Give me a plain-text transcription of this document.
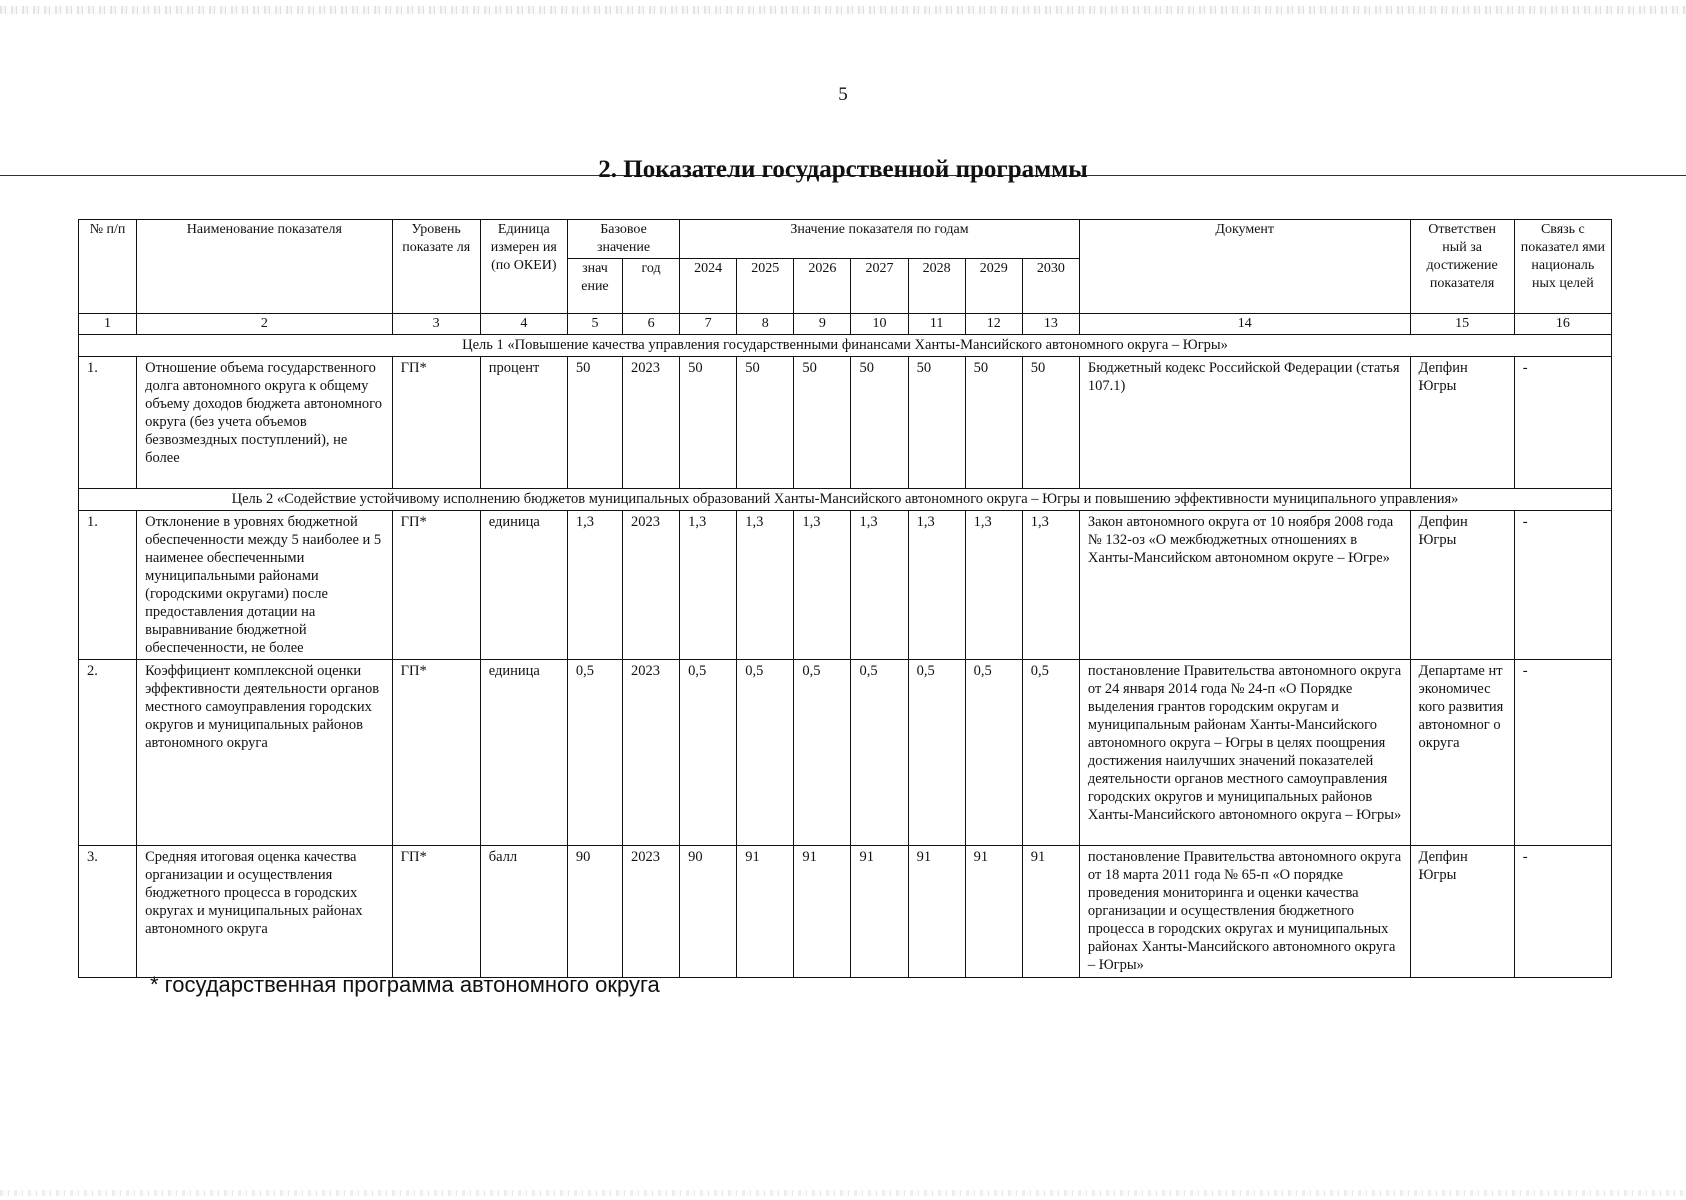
5
2. Показатели государственной программы
№ п/п	Наименование показателя	Уровень показате ля	Единица измерен ия (по ОКЕИ)	Базовое значение		Значение показателя по годам							Документ	Ответствен ный за достижение показателя	Связь с показател ями националь ных целей
				знач ение	год	2024	2025	2026	2027	2028	2029	2030			
1	2	3	4	5	6	7	8	9	10	11	12	13	14	15	16
Цель 1 «Повышение качества управления государственными финансами Ханты-Мансийского автономного округа – Югры»															
1.	Отношение объема государственного долга автономного округа к общему объему доходов бюджета автономного округа (без учета объемов безвозмездных поступлений), не более	ГП*	процент	50	2023	50	50	50	50	50	50	50	Бюджетный кодекс Российской Федерации (статья 107.1)	Депфин Югры	-
Цель 2 «Содействие устойчивому исполнению бюджетов муниципальных образований Ханты-Мансийского автономного округа – Югры и повышению эффективности муниципального управления»															
1.	Отклонение в уровнях бюджетной обеспеченности между 5 наиболее и 5 наименее обеспеченными муниципальными районами (городскими округами) после предоставления дотации на выравнивание бюджетной обеспеченности, не более	ГП*	единица	1,3	2023	1,3	1,3	1,3	1,3	1,3	1,3	1,3	Закон автономного округа от 10 ноября 2008 года № 132-оз «О межбюджетных отношениях в Ханты-Мансийском автономном округе – Югре»	Депфин Югры	-
2.	Коэффициент комплексной оценки эффективности деятельности органов местного самоуправления городских округов и муниципальных районов автономного округа	ГП*	единица	0,5	2023	0,5	0,5	0,5	0,5	0,5	0,5	0,5	постановление Правительства автономного округа от 24 января 2014 года № 24-п «О Порядке выделения грантов городским округам и муниципальным районам Ханты-Мансийского автономного округа – Югры в целях поощрения достижения наилучших значений показателей деятельности органов местного самоуправления городских округов и муниципальных районов Ханты-Мансийского автономного округа – Югры»	Департаме нт экономичес кого развития автономног о округа	-
3.	Средняя итоговая оценка качества организации и осуществления бюджетного процесса в городских округах и муниципальных районах автономного округа	ГП*	балл	90	2023	90	91	91	91	91	91	91	постановление Правительства автономного округа от 18 марта 2011 года № 65-п «О порядке проведения мониторинга и оценки качества организации и осуществления бюджетного процесса в городских округах и муниципальных районах Ханты-Мансийского автономного округа – Югры»	Депфин Югры	-
* государственная программа автономного округа
